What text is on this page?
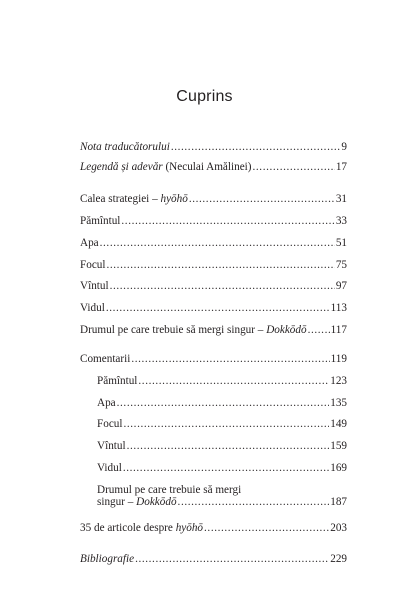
Cuprins
Nota traducătorului .....	9
Legendă și adevăr (Neculai Amălinei) .....	17
Calea strategiei – hyōhō .....	31
Pămîntul .....	33
Apa .....	51
Focul .....	75
Vîntul .....	97
Vidul .....	113
Drumul pe care trebuie să mergi singur – Dokkōdō ..... 117
Comentarii .....	119
Pămîntul .....	123
Apa .....	135
Focul .....	149
Vîntul .....	159
Vidul .....	169
Drumul pe care trebuie să mergi
singur – Dokkōdō .....	187
35 de articole despre hyōhō .....	203
Bibliografie .....	229
